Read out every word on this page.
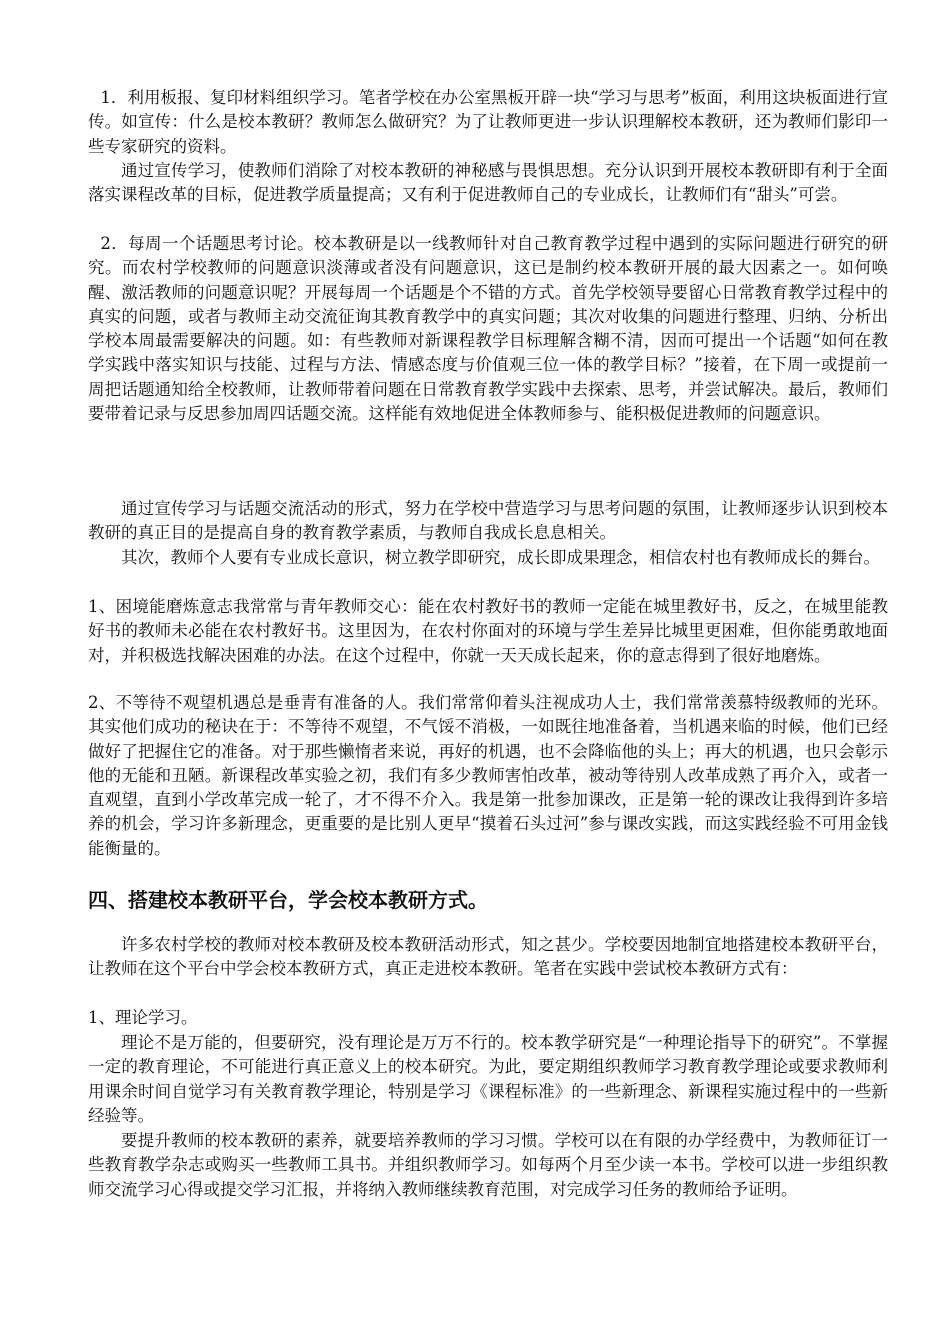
1．利用板报、复印材料组织学习。笔者学校在办公室黑板开辟一块“学习与思考”板面，利用这块板面进行宣传。如宣传：什么是校本教研？教师怎么做研究？为了让教师更进一步认识理解校本教研，还为教师们影印一些专家研究的资料。

通过宣传学习，使教师们消除了对校本教研的神秘感与畏惧思想。充分认识到开展校本教研即有利于全面落实课程改革的目标，促进教学质量提高；又有利于促进教师自己的专业成长，让教师们有“甜头”可尝。

2．每周一个话题思考讨论。校本教研是以一线教师针对自己教育教学过程中遇到的实际问题进行研究的研究。而农村学校教师的问题意识淡薄或者没有问题意识，这已是制约校本教研开展的最大因素之一。如何唤醒、激活教师的问题意识呢？开展每周一个话题是个不错的方式。首先学校领导要留心日常教育教学过程中的真实的问题，或者与教师主动交流征询其教育教学中的真实问题；其次对收集的问题进行整理、归纳、分析出学校本周最需要解决的问题。如：有些教师对新课程教学目标理解含糊不清，因而可提出一个话题“如何在教学实践中落实知识与技能、过程与方法、情感态度与价值观三位一体的教学目标？”接着，在下周一或提前一周把话题通知给全校教师，让教师带着问题在日常教育教学实践中去探索、思考，并尝试解决。最后，教师们要带着记录与反思参加周四话题交流。这样能有效地促进全体教师参与、能积极促进教师的问题意识。

通过宣传学习与话题交流活动的形式，努力在学校中营造学习与思考问题的氛围，让教师逐步认识到校本教研的真正目的是提高自身的教育教学素质，与教师自我成长息息相关。

其次，教师个人要有专业成长意识，树立教学即研究，成长即成果理念，相信农村也有教师成长的舞台。

1、困境能磨炼意志我常常与青年教师交心：能在农村教好书的教师一定能在城里教好书，反之，在城里能教好书的教师未必能在农村教好书。这里因为，在农村你面对的环境与学生差异比城里更困难，但你能勇敢地面对，并积极选找解决困难的办法。在这个过程中，你就一天天成长起来，你的意志得到了很好地磨炼。

2、不等待不观望机遇总是垂青有准备的人。我们常常仰着头注视成功人士，我们常常羡慕特级教师的光环。其实他们成功的秘诀在于：不等待不观望，不气馁不消极，一如既往地准备着，当机遇来临的时候，他们已经做好了把握住它的准备。对于那些懒惰者来说，再好的机遇，也不会降临他的头上；再大的机遇，也只会彰示他的无能和丑陋。新课程改革实验之初，我们有多少教师害怕改革，被动等待别人改革成熟了再介入，或者一直观望，直到小学改革完成一轮了，才不得不介入。我是第一批参加课改，正是第一轮的课改让我得到许多培养的机会，学习许多新理念，更重要的是比别人更早“摸着石头过河”参与课改实践，而这实践经验不可用金钱能衡量的。

四、搭建校本教研平台，学会校本教研方式。

许多农村学校的教师对校本教研及校本教研活动形式，知之甚少。学校要因地制宜地搭建校本教研平台，让教师在这个平台中学会校本教研方式，真正走进校本教研。笔者在实践中尝试校本教研方式有：

1、理论学习。

理论不是万能的，但要研究，没有理论是万万不行的。校本教学研究是“一种理论指导下的研究”。不掌握一定的教育理论，不可能进行真正意义上的校本研究。为此，要定期组织教师学习教育教学理论或要求教师利用课余时间自觉学习有关教育教学理论，特别是学习《课程标准》的一些新理念、新课程实施过程中的一些新经验等。

要提升教师的校本教研的素养，就要培养教师的学习习惯。学校可以在有限的办学经费中，为教师征订一些教育教学杂志或购买一些教师工具书。并组织教师学习。如每两个月至少读一本书。学校可以进一步组织教师交流学习心得或提交学习汇报，并将纳入教师继续教育范围，对完成学习任务的教师给予证明。
